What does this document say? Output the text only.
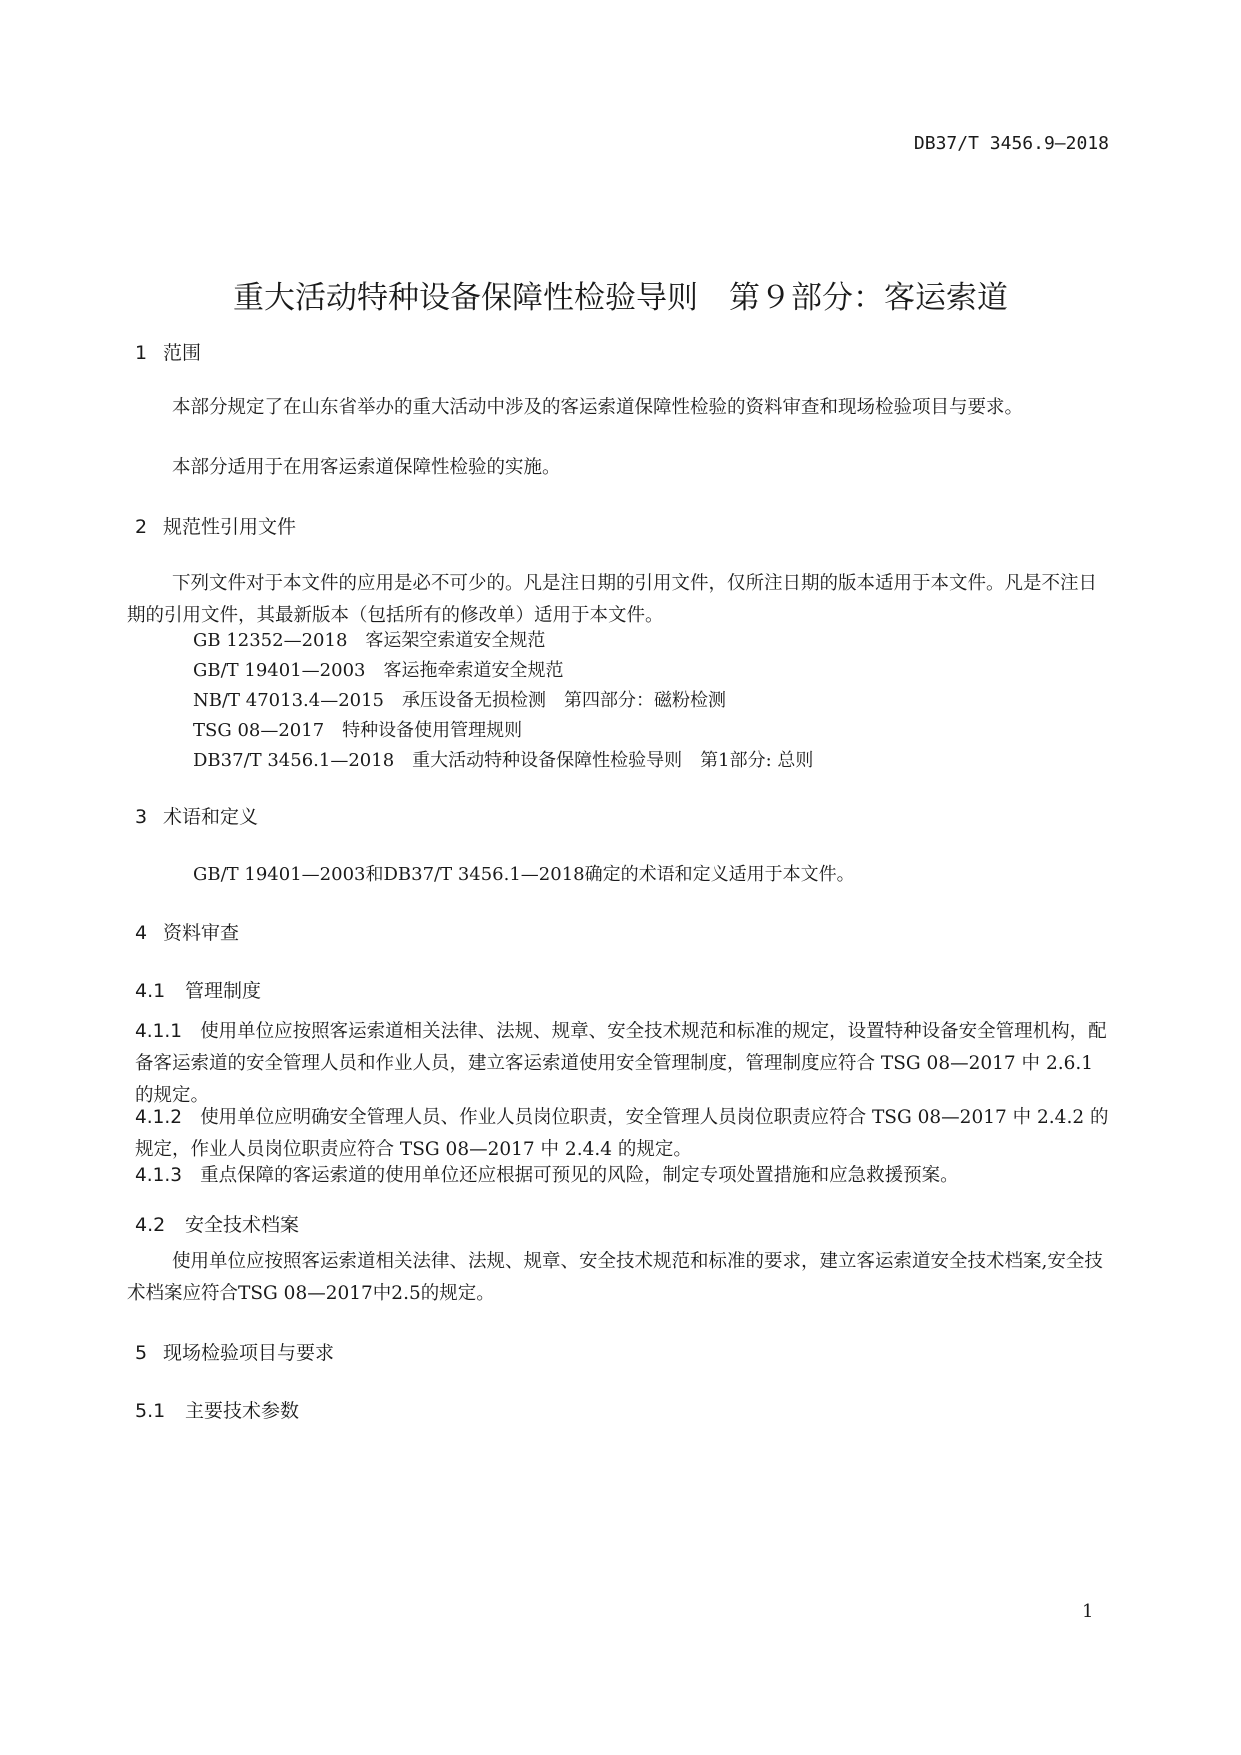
DB37/T 3456.9—2018
重大活动特种设备保障性检验导则　第９部分：客运索道
1 范围
本部分规定了在山东省举办的重大活动中涉及的客运索道保障性检验的资料审查和现场检验项目与要求。
本部分适用于在用客运索道保障性检验的实施。
2 规范性引用文件
下列文件对于本文件的应用是必不可少的。凡是注日期的引用文件，仅所注日期的版本适用于本文件。凡是不注日期的引用文件，其最新版本（包括所有的修改单）适用于本文件。
GB 12352—2018　客运架空索道安全规范
GB/T 19401—2003　客运拖牵索道安全规范
NB/T 47013.4—2015　承压设备无损检测　第四部分：磁粉检测
TSG 08—2017　特种设备使用管理规则
DB37/T 3456.1—2018　重大活动特种设备保障性检验导则　第1部分: 总则
3 术语和定义
GB/T 19401—2003和DB37/T 3456.1—2018确定的术语和定义适用于本文件。
4 资料审查
4.1 管理制度
4.1.1 使用单位应按照客运索道相关法律、法规、规章、安全技术规范和标准的规定，设置特种设备安全管理机构，配备客运索道的安全管理人员和作业人员，建立客运索道使用安全管理制度，管理制度应符合 TSG 08—2017 中 2.6.1 的规定。
4.1.2 使用单位应明确安全管理人员、作业人员岗位职责，安全管理人员岗位职责应符合 TSG 08—2017 中 2.4.2 的规定，作业人员岗位职责应符合 TSG 08—2017 中 2.4.4 的规定。
4.1.3 重点保障的客运索道的使用单位还应根据可预见的风险，制定专项处置措施和应急救援预案。
4.2 安全技术档案
使用单位应按照客运索道相关法律、法规、规章、安全技术规范和标准的要求，建立客运索道安全技术档案,安全技术档案应符合TSG 08—2017中2.5的规定。
5 现场检验项目与要求
5.1 主要技术参数
1
